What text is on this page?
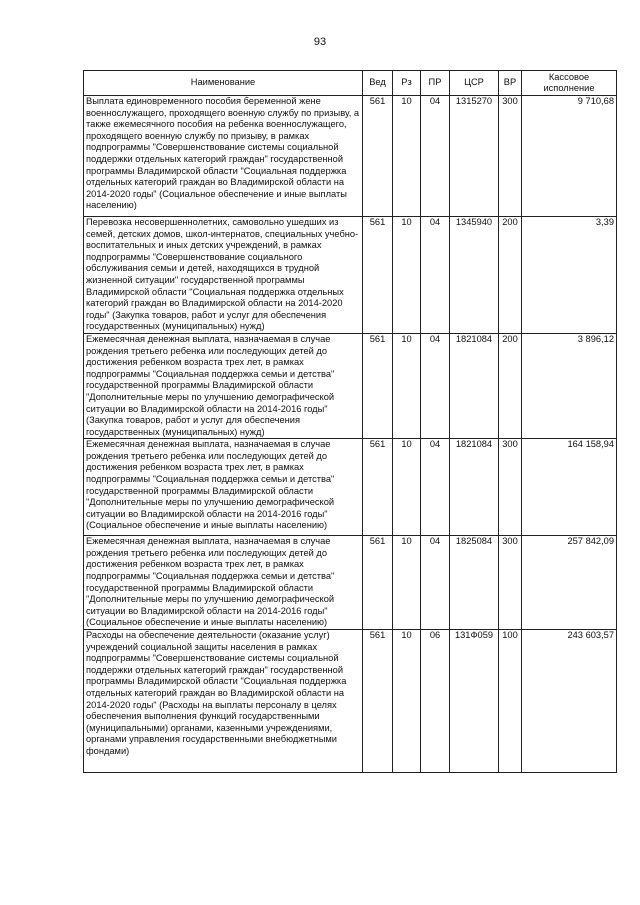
93
Наименование	Вед	Рз	ПР	ЦСР	ВР	Кассовое исполнение
Выплата единовременного пособия беременной жене военнослужащего, проходящего военную службу по призыву, а также ежемесячного пособия на ребенка военнослужащего, проходящего военную службу по призыву, в рамках подпрограммы "Совершенствование системы социальной поддержки отдельных категорий граждан" государственной программы Владимирской области "Социальная поддержка отдельных категорий граждан во Владимирской области на 2014-2020 годы" (Социальное обеспечение и иные выплаты населению)	561	10	04	1315270	300	9 710,68
Перевозка несовершеннолетних, самовольно ушедших из семей, детских домов, школ-интернатов, специальных учебно-воспитательных и иных детских учреждений, в рамках подпрограммы "Совершенствование социального обслуживания семьи и детей, находящихся в трудной жизненной ситуации" государственной программы Владимирской области "Социальная поддержка отдельных категорий граждан во Владимирской области на 2014-2020 годы" (Закупка товаров, работ и услуг для обеспечения государственных (муниципальных) нужд)	561	10	04	1345940	200	3,39
Ежемесячная денежная выплата, назначаемая в случае рождения третьего ребенка или последующих детей до достижения ребенком возраста трех лет, в рамках подпрограммы "Социальная поддержка семьи и детства" государственной программы Владимирской области "Дополнительные меры по улучшению демографической ситуации во Владимирской области на 2014-2016 годы" (Закупка товаров, работ и услуг для обеспечения государственных (муниципальных) нужд)	561	10	04	1821084	200	3 896,12
Ежемесячная денежная выплата, назначаемая в случае рождения третьего ребенка или последующих детей до достижения ребенком возраста трех лет, в рамках подпрограммы "Социальная поддержка семьи и детства" государственной программы Владимирской области "Дополнительные меры по улучшению демографической ситуации во Владимирской области на 2014-2016 годы" (Социальное обеспечение и иные выплаты населению)	561	10	04	1821084	300	164 158,94
Ежемесячная денежная выплата, назначаемая в случае рождения третьего ребенка или последующих детей до достижения ребенком возраста трех лет, в рамках подпрограммы "Социальная поддержка семьи и детства" государственной программы Владимирской области "Дополнительные меры по улучшению демографической ситуации во Владимирской области на 2014-2016 годы" (Социальное обеспечение и иные выплаты населению)	561	10	04	1825084	300	257 842,09
Расходы на обеспечение деятельности (оказание услуг) учреждений социальной защиты населения в рамках подпрограммы "Совершенствование системы социальной поддержки отдельных категорий граждан" государственной программы Владимирской области "Социальная поддержка отдельных категорий граждан во Владимирской области на 2014-2020 годы" (Расходы на выплаты персоналу в целях обеспечения выполнения функций государственными (муниципальными) органами, казенными учреждениями, органами управления государственными внебюджетными фондами)	561	10	06	131Ф059	100	243 603,57
